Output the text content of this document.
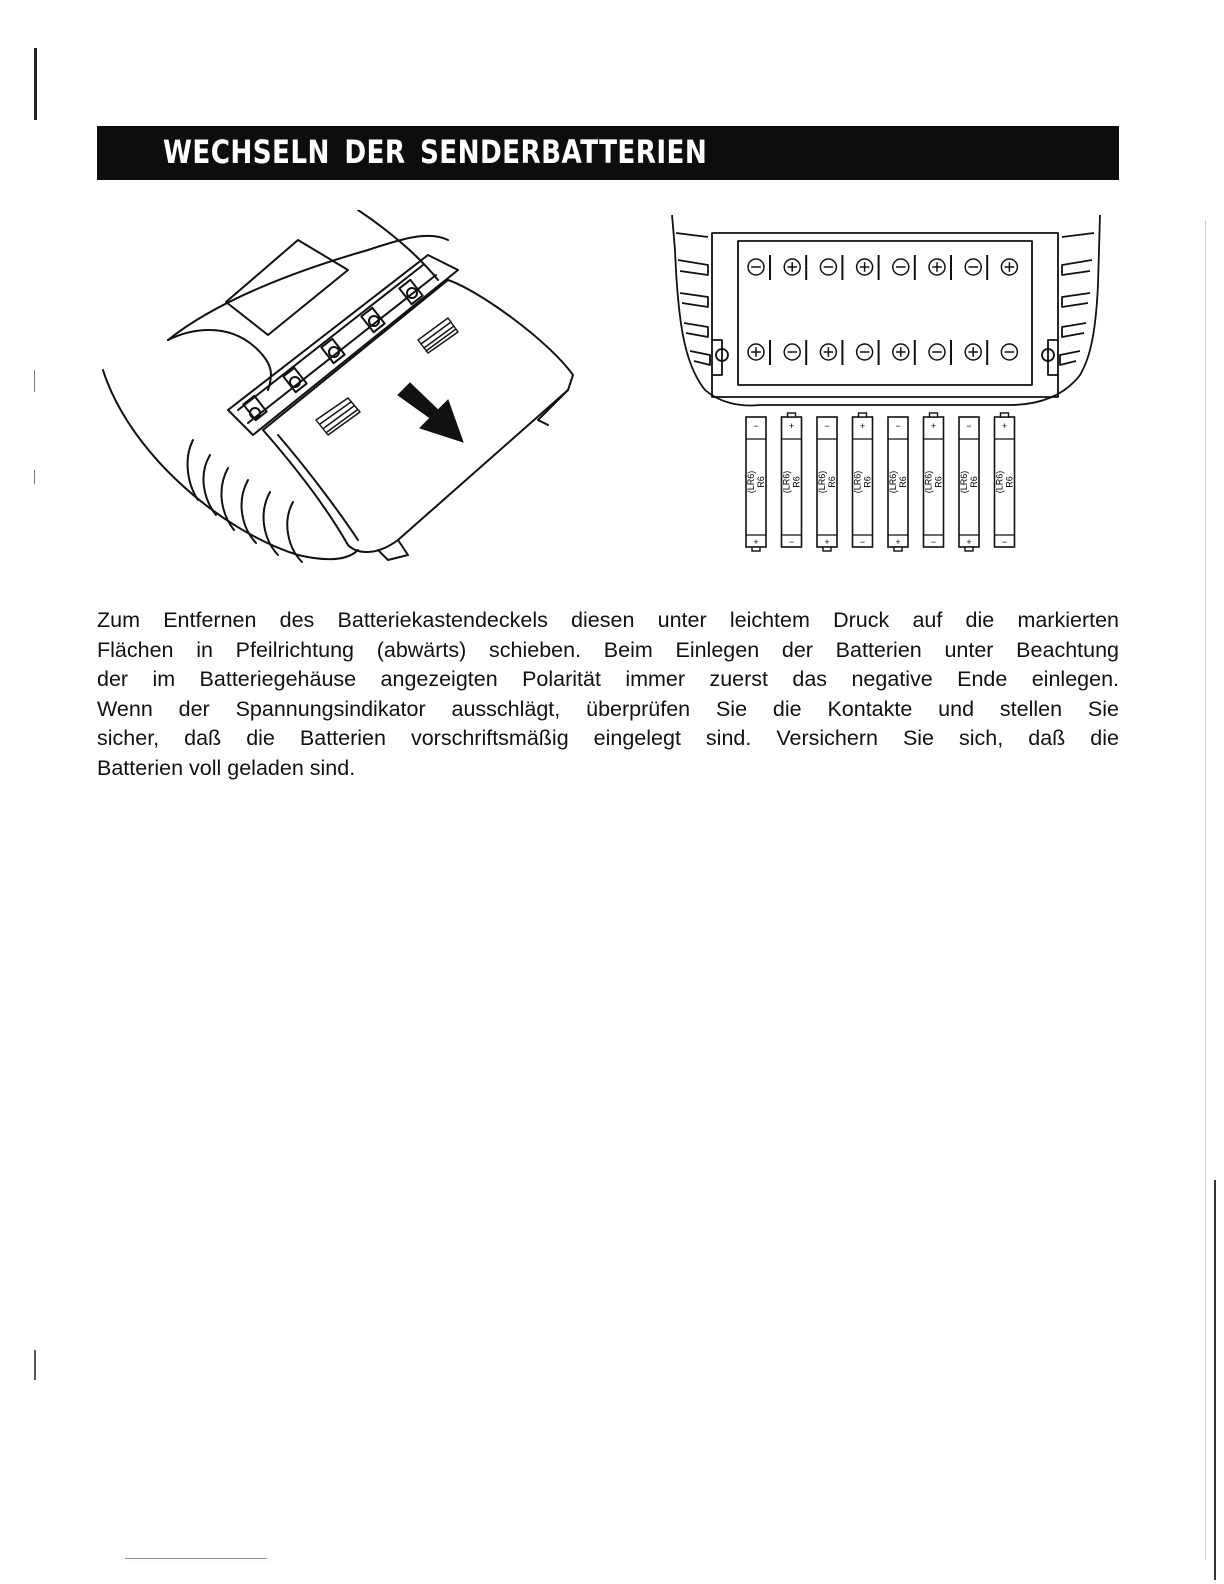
WECHSELN DER SENDERBATTERIEN
−
+
(LR6)R6
+
−
(LR6)R6
−
+
(LR6)R6
+
−
(LR6)R6
−
+
(LR6)R6
+
−
(LR6)R6
−
+
(LR6)R6
+
−
(LR6)R6

Zum Entfernen des Batteriekastendeckels diesen unter leichtem Druck auf die markierten
Flächen in Pfeilrichtung (abwärts) schieben. Beim Einlegen der Batterien unter Beachtung
der im Batteriegehäuse angezeigten Polarität immer zuerst das negative Ende einlegen.
Wenn der Spannungsindikator ausschlägt, überprüfen Sie die Kontakte und stellen Sie
sicher, daß die Batterien vorschriftsmäßig eingelegt sind. Versichern Sie sich, daß die
Batterien voll geladen sind.
